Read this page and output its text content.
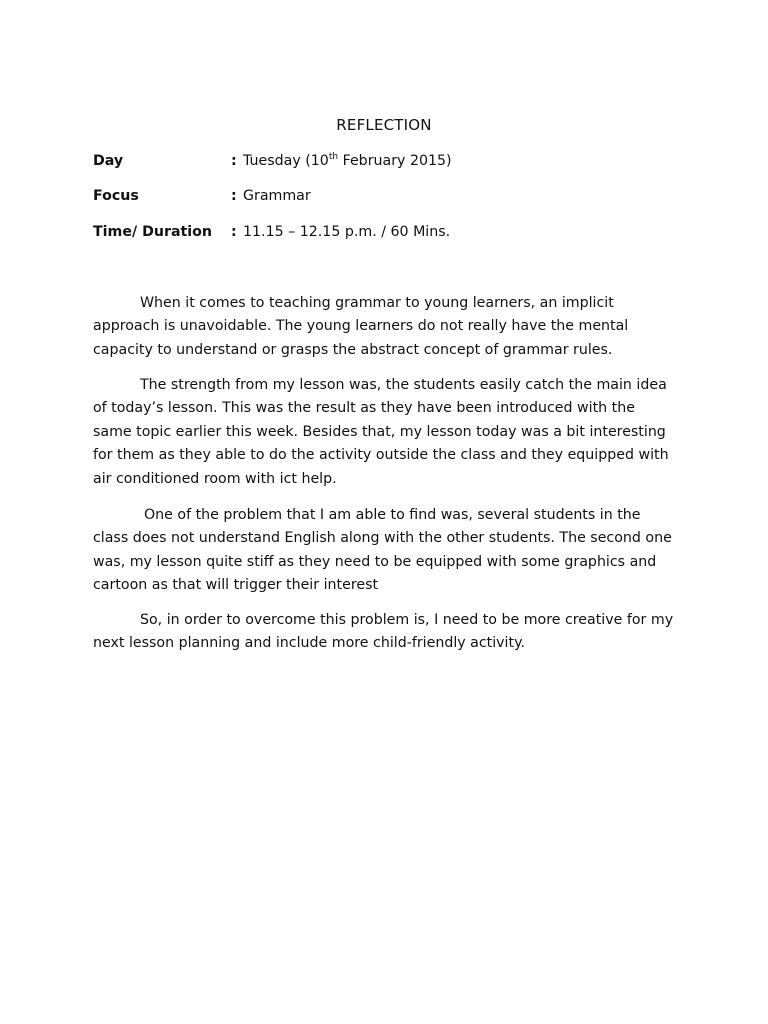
REFLECTION
Day	: Tuesday (10th February 2015)
Focus	: Grammar
Time/ Duration : 11.15 – 12.15 p.m. / 60 Mins.

When it comes to teaching grammar to young learners, an implicit
approach is unavoidable. The young learners do not really have the mental
capacity to understand or grasps the abstract concept of grammar rules.

The strength from my lesson was, the students easily catch the main idea
of today’s lesson. This was the result as they have been introduced with the
same topic earlier this week. Besides that, my lesson today was a bit interesting
for them as they able to do the activity outside the class and they equipped with
air conditioned room with ict help.

One of the problem that I am able to find was, several students in the
class does not understand English along with the other students. The second one
was, my lesson quite stiff as they need to be equipped with some graphics and
cartoon as that will trigger their interest

So, in order to overcome this problem is, I need to be more creative for my
next lesson planning and include more child-friendly activity.
